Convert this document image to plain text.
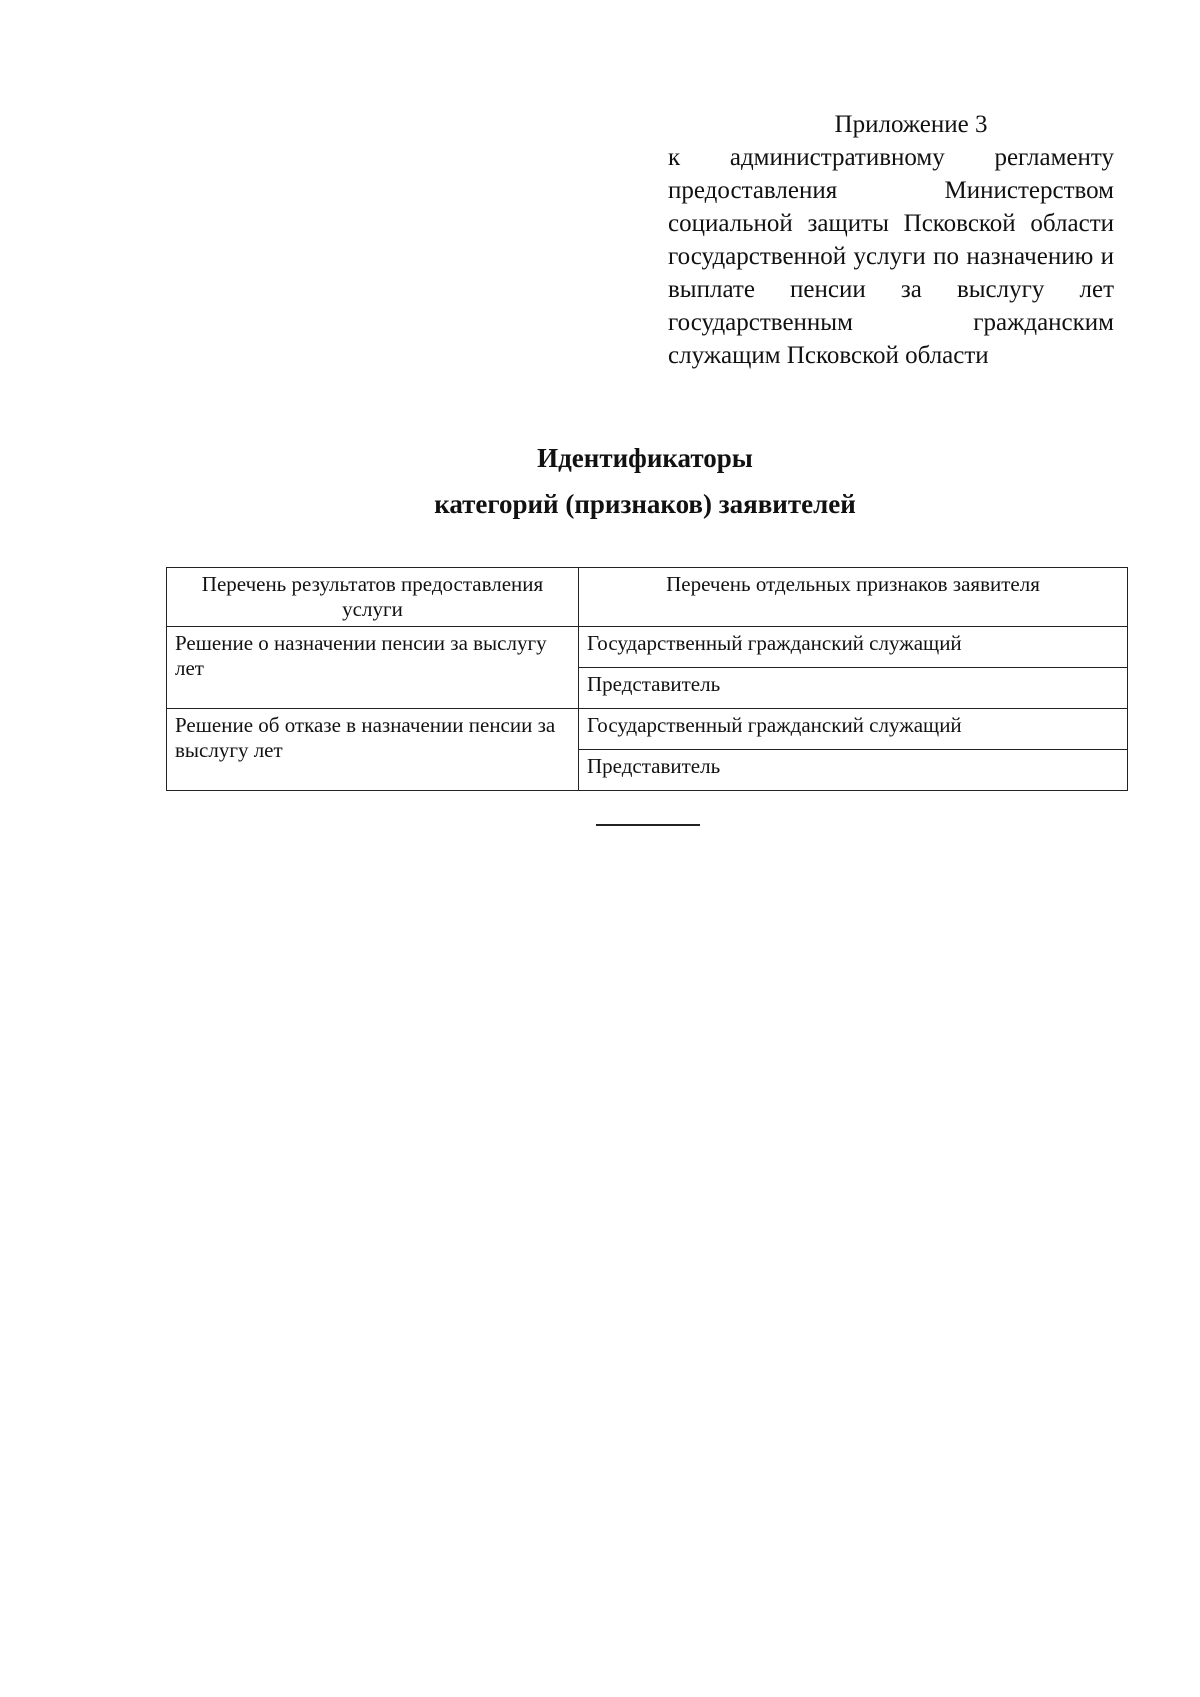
Приложение 3

к административному регламенту предоставления Министерством социальной защиты Псковской области государственной услуги по назначению и выплате пенсии за выслугу лет государственным гражданским служащим Псковской области

Идентификаторы
категорий (признаков) заявителей
Перечень результатов предоставления услуги	Перечень отдельных признаков заявителя
Решение о назначении пенсии за выслугу лет	Государственный гражданский служащий
	Представитель
Решение об отказе в назначении пенсии за выслугу лет	Государственный гражданский служащий
	Представитель
